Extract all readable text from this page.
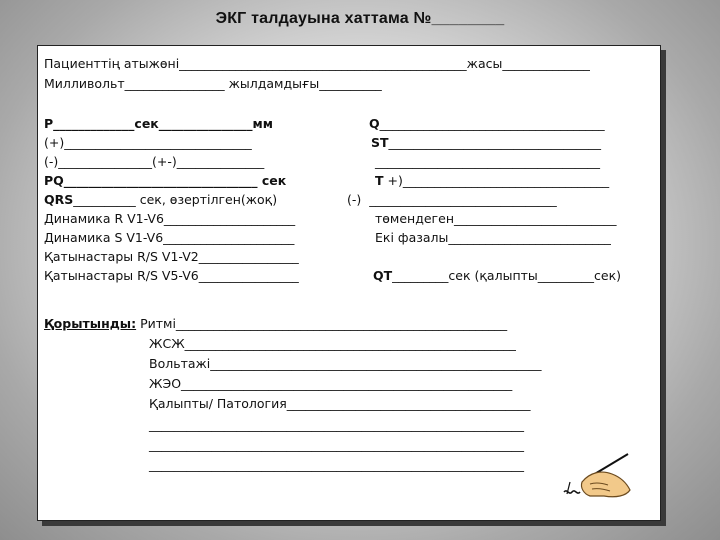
ЭКГ талдауына хаттама №________
Пациенттің атыжөні______________________________________________жасы______________
Милливольт________________ жылдамдығы__________
P_____________сек_______________мм
(+)______________________________
(-)_______________(+-)______________
PQ_______________________________ сек
QRS__________ сек, өзертілген(жоқ)
Динамика R V1-V6_____________________
Динамика S V1-V6_____________________
Қатынастары R/S V1-V2________________
Қатынастары R/S V5-V6________________
Q____________________________________
ST__________________________________
____________________________________
T +)_________________________________
(-)  ______________________________
төмендеген__________________________
Екі фазалы__________________________
QT_________сек (қалыпты_________сек)
Қорытынды: Ритмі_____________________________________________________
ЖСЖ_____________________________________________________
Вольтажі_____________________________________________________
ЖЭО_____________________________________________________
Қалыпты/ Патология_______________________________________
____________________________________________________________
____________________________________________________________
____________________________________________________________
